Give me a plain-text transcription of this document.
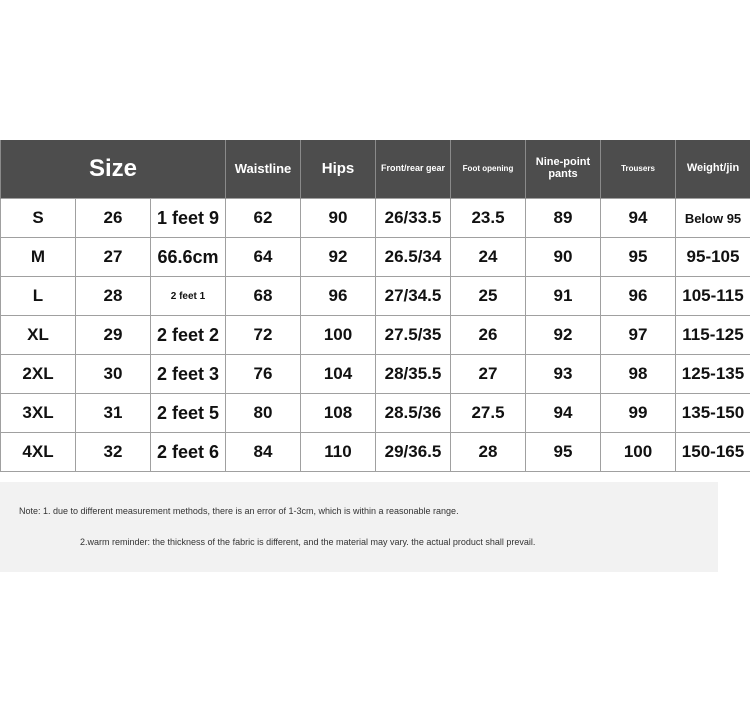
Size			Waistline	Hips	Front/rear gear	Foot opening	Nine-point pants	Trousers	Weight/jin
S	26	1 feet 9	62	90	26/33.5	23.5	89	94	Below 95
M	27	66.6cm	64	92	26.5/34	24	90	95	95-105
L	28	2 feet 1	68	96	27/34.5	25	91	96	105-115
XL	29	2 feet 2	72	100	27.5/35	26	92	97	115-125
2XL	30	2 feet 3	76	104	28/35.5	27	93	98	125-135
3XL	31	2 feet 5	80	108	28.5/36	27.5	94	99	135-150
4XL	32	2 feet 6	84	110	29/36.5	28	95	100	150-165
Note: 1. due to different measurement methods, there is an error of 1-3cm, which is within a reasonable range.
2.warm reminder: the thickness of the fabric is different, and the material may vary. the actual product shall prevail.
